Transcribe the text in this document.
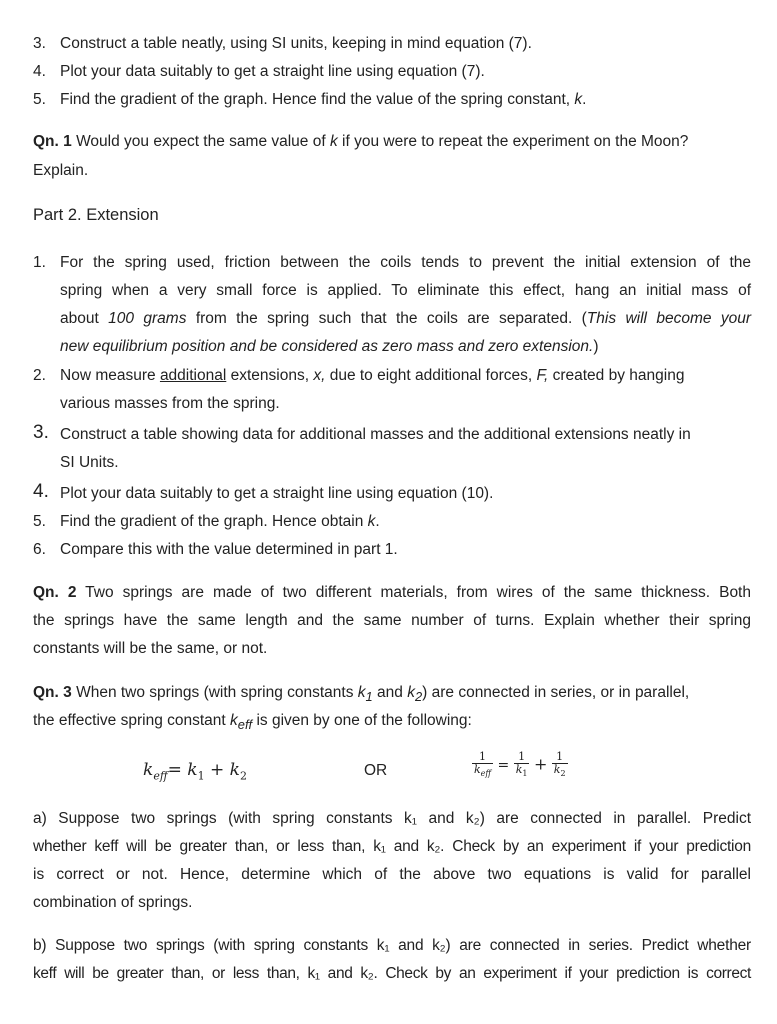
3. Construct a table neatly, using SI units, keeping in mind equation (7).
4. Plot your data suitably to get a straight line using equation (7).
5. Find the gradient of the graph. Hence find the value of the spring constant, k.
Qn. 1 Would you expect the same value of k if you were to repeat the experiment on the Moon?
Explain.
Part 2. Extension
1. For the spring used, friction between the coils tends to prevent the initial extension of the
spring when a very small force is applied. To eliminate this effect, hang an initial mass of
about 100 grams from the spring such that the coils are separated. (This will become your
new equilibrium position and be considered as zero mass and zero extension.)
2. Now measure additional extensions, x, due to eight additional forces, F, created by hanging
various masses from the spring.
3. Construct a table showing data for additional masses and the additional extensions neatly in
SI Units.
4. Plot your data suitably to get a straight line using equation (10).
5. Find the gradient of the graph. Hence obtain k.
6. Compare this with the value determined in part 1.
Qn. 2 Two springs are made of two different materials, from wires of the same thickness. Both
the springs have the same length and the same number of turns. Explain whether their spring
constants will be the same, or not.
Qn. 3 When two springs (with spring constants $k_1$ and $k_2$) are connected in series, or in parallel,
the effective spring constant $k_{eff}$ is given by one of the following:
$k_{eff}= k_1 + k_2$	OR	$\frac{1}{k_{eff}} = \frac{1}{k_1} + \frac{1}{k_2}$
a) Suppose two springs (with spring constants k₁ and k₂) are connected in parallel. Predict
whether keff will be greater than, or less than, k₁ and k₂. Check by an experiment if your prediction
is correct or not. Hence, determine which of the above two equations is valid for parallel
combination of springs.
b) Suppose two springs (with spring constants k₁ and k₂) are connected in series. Predict whether
keff will be greater than, or less than, k₁ and k₂. Check by an experiment if your prediction is correct
